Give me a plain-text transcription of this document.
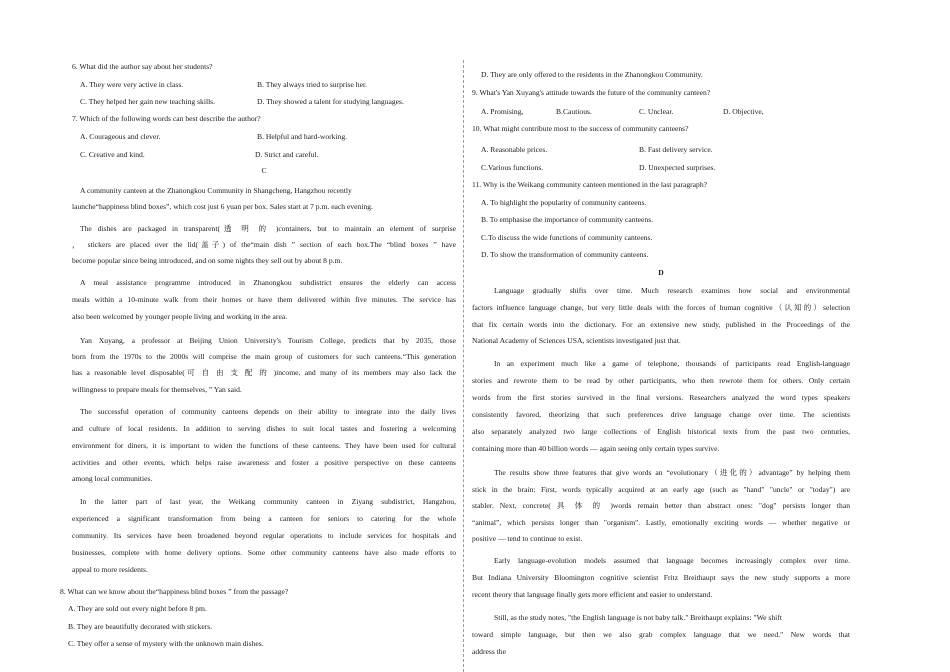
6. What did the author say about her students?
A. They were very active in class.	B. They always tried to surprise her.
C. They helped her gain new teaching skills.	D. They showed a talent for studying languages.
7. Which of the following words can best describe the author?
A. Courageous and clever.	B. Helpful and hard-working.
C. Creative and kind.	D. Strict and careful.
C
A community canteen at the Zhanongkou Community in Shangcheng, Hangzhou recently
launche“happiness blind boxes”, which cost just 6 yuan per box. Sales start at 7 p.m. each evening.
The dishes are packaged in transparent(透 明 的 )containers, but to maintain an element of surprise
， stickers are placed over the lid(盖子) of the“main dish ” section of each box.The “blind boxes ” have
become popular since being introduced, and on some nights they sell out by about 8 p.m.
A meal assistance programme introduced in Zhanongkou subdistrict ensures the elderly can access
meals within a 10-minute walk from their homes or have them delivered within five minutes. The service has
also been welcomed by younger people living and working in the area.
Yan Xuyang, a professor at Beijing Union University's Tourism College, predicts that by 2035, those
born from the 1970s to the 2000s will comprise the main group of customers for such canteens.“This generation
has a reasonable level disposable(可 自 由 支 配 的 )income, and many of its members may also lack the
willingness to prepare meals for themselves, ” Yan said.
The successful operation of community canteens depends on their ability to integrate into the daily lives
and culture of local residents. In addition to serving dishes to suit local tastes and fostering a welcoming
environment for diners, it is important to widen the functions of these canteens. They have been used for cultural
activities and other events, which helps raise awareness and foster a positive perspective on these canteens
among local communities.
In the latter part of last year, the Weikang community canteen in Ziyang subdistrict, Hangzhou,
experienced a significant transformation from being a canteen for seniors to catering for the whole
community. Its services have been broadened beyond regular operations to include services for hospitals and
businesses, complete with home delivery options. Some other community canteens have also made efforts to
appeal to more residents.
8. What can we know about the“happiness blind boxes ” from the passage?
A. They are sold out every night before 8 pm.
B. They are beautifully decorated with stickers.
C. They offer a sense of mystery with the unknown main dishes.
D. They are only offered to the residents in the Zhanongkou Community.
9. What's Yan Xuyang's attitude towards the future of the community canteen?
A. Promising,	B.Cautious.	C. Unclear.	D. Objective,
10. What might contribute most to the success of community canteens?
A. Reasonable prices.	B. Fast delivery service.
C.Various functions.	D. Unexpected surprises.
11. Why is the Weikang community canteen mentioned in the last paragraph?
A. To highlight the popularity of community canteens.
B. To emphasise the importance of community canteens.
C.To discuss the wide functions of community canteens.
D. To show the transformation of community canteens.
D
Language gradually shifts over time. Much research examines how social and environmental
factors influence language change, but very little deals with the forces of human cognitive（认知的）selection
that fix certain words into the dictionary. For an extensive new study, published in the Proceedings of the
National Academy of Sciences USA, scientists investigated just that.
In an experiment much like a game of telephone, thousands of participants read English-language
stories and rewrote them to be read by other participants, who then rewrote them for others. Only certain
words from the first stories survived in the final versions. Researchers analyzed the word types speakers
consistently favored, theorizing that such preferences drive language change over time. The scientists
also separately analyzed two large collections of English historical texts from the past two centuries,
containing more than 40 billion words — again seeing only certain types survive.
The results show three features that give words an “evolutionary（进化的）advantage” by helping them
stick in the brain: First, words typically acquired at an early age (such as "hand" "uncle" or "today") are
stabler. Next, concrete( 具 体 的 )words remain better than abstract ones: "dog" persists longer than
“animal”, which persists longer than "organism". Lastly, emotionally exciting words — whether negative or
positive — tend to continue to exist.
Early language-evolution models assumed that language becomes increasingly complex over time.
But Indiana University Bloomington cognitive scientist Fritz Breithaupt says the new study supports a more
recent theory that language finally gets more efficient and easier to understand.
Still, as the study notes, "the English language is not baby talk." Breithaupt explains: "We shift
toward simple language, but then we also grab complex language that we need." New words that
address the
